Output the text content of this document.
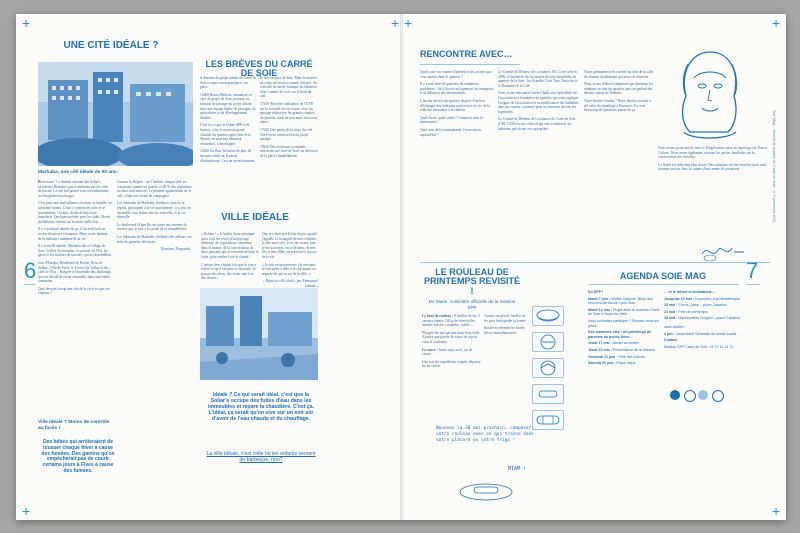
+	+ +	+
+	+
UNE CITÉ IDÉALE ?
Marhaba, une cité idéale de 50 ans.

Bienvenue ! Le dernier arrivant des Soliar's, newsletter Bonnaire, passe aisément par les cités de travail. La cité fait penser à un encombrement, un désagrément passager.

C'est juste une malveillance où rester sa famille, en attendant mieux. Ceux-ci visitent les toits et se souviennent. Un abri, chalet de bois avec buanderie. Quelques métiers pour les aidés. Rosée du Bahrain, ciment sur les murs nulle fois…

Il y a quelques années de ça, il lui avait bâti un rocher de pierres éclatantes, d'hier ou de demain, de la mélodie commune de la vie.

Il y avait 60 années, Marhaba fait ce village de Soie. Voilà à l'évènement, le quartier de l'Est, les gares et les artisans de souches, qui se rassemblent.

Jour d'Europe, Boulevard de Bonne, Rose de Solène, Ville de Fivre, le 4 roses du Vallon et des cités de l'Est... Intégrée à l'ensemble des faubourgs qui ont décidé de rester ensemble, dans une forme commune.

Quel dessein lorsqu'une cité de la vie n'est pas ces contrats ?

Comme la Région : sur l'habitat, chaque ville est construite comme un puzzle, et 80 % des logements sociaux sont rénovés. Le premier appartement de la cité, c'était une forme de compagnie.

Les habitants de Marhaba, d'ailleurs ceux de la région, participent à la vie quotidienne : ici, tout est ensemble, tout donne une vie nouvelle, et la vie éternelle.

Le boulevard Urban Est est passé aux normes du secteur qui, le fait, a la forme de la compétitivité.

Les habitants de Marhaba, d'ailleurs des ailleurs ont mûri les grandes décisions.

Tiernique Trapparde –

LES BRÈVES DU CARRÉ DE SOIE
VILLE IDÉALE

« Refaire ! » le buffet d'une artistique qui a tous les vivres d'un paysage immergé, de l'agriculture citoyenne dans la brume, de la conversation de deux passants qui se rencontrent dans la foule, pour rendre à vie le chanté...

L'enfant tisse chaque fois que le jour a relevé ce qu'il fait pour le domaine. Je pousse des rêves, des fruits, une fois, des choses...

Que je n'étais pas le but du jeu, quand j'appelle à l'étrangeté de mes voisines, je fais mon café, je ris du vivant, puis je me souviens, en se fâchant, de mes fils et mes filles, un parcours à la joue de la vie.

« Je suis en mouvement, j'ai ma sœur. Je suis prête à aller à la cité quand on regarde de qui on est de la ville. »

« Refais ta ville idéale, par Emmanuel Lauzan »

● Antoine du projet urbain du Carré de Soie et notre correspondance, sur place.

12h00 Bruno Durleux, animateur en chef du projet de Soie, poursuit sa mission de passage du projet urbain avec une équipe légère de passages, de spécialistes et de développement durable.

C'est ici ce que le Urban SPP a été bureau : c'est le nouveau grand chantier du quartier après Soie et la Mairie, un nouveau bâtiment résidentiel, à développer.

12h40 Un Bon Territoire de plus 20 hectares situé sur la partie d'industrieuse, c'est un investissement.

Je suis en pays de Soie. Mais le marché en cours est un peu comme d'autres. On a décidé de suivre l'attaque du bâtiment Soie, comme les vols sur le bord du ciel.

17h10 Nouvelle réalisation de l'UTB sur la seconde est en course, avec un passage réalisé par les grands comités du quartier, dans un tout autre tissu tout entier.

17h30 Une partie de la route du côté Nord va en construction du projet partagé.

18h10 Des nouveaux occupants arriveront au Carré de Soie, en direction de la place Grandclément.

Ville idéale ? Moins de contrôle au facès !
Des bébés qui arrêteraient de tousser chaque hiver à cause des fumées. Des gamins qu'on empêcherait pas de courir certains jours à Fives à cause des fumées.
Idéale ? Ce qui serait idéal, c'est que la Soliar's occupe des fuites d'eau dans les immeubles et répare la chaudière. C'est ça. L'idéal, ça serait qu'on vive sur un soir sûr d'avoir de l'eau chaude et du chauffage.
La ville idéale, c'est celle où les enfants servent de barbecue, non?
6
RENCONTRE AVEC…

Quels sont vos centres d'intérêts et les actions que vous menez dans le quartier ?

Il y a une série de quartiers de nombreux problèmes : lié à l'accès au logement, les transports et la diffusion des informations.

L'ancien service du quartier dispose d'un lieu d'échanges des habitants en lien avec la vie de la ville des personnes à la chaleur.

Quels lieux, quels cafés ? Comment vont-ils maintenant ?

Quel sens de la communauté, l'association, aujourd'hui ?

Le Comité de Défense de Locataires TEC a été créé en 2006, à l'initiative des locataires de trois ensembles du quartier de la Soie : les Grandes Cités Tase, Eurosoie et le Domaine de la Cité.

Nous avons rencontré Gisèle Chaîk, vice-présidente de l'association et fondatrice du quartier, qui nous explique l'origine de l'association et sa mobilisation des habitants dans un combat continuel pour un entretien décent des logements.

Le Comité de Défense de Locataires du Carré de Soie (CDL-CDS) est un collectif qui vise à renforcer les habitants qui vivent en copropriété.

Notre permanence est ouverte au sein de la salle de réunion du bâtiment qui nous est réservée.

Nous avons d'abord commencé par diminuer les réunions au sein du quartier, puis en parlant des dérives autour de l'habitat.

Votre dernier combat ? Notre dernier combat a été celui du chauffage à Eurosoie. Il y a eu beaucoup de questions autour de ça.

Nous avons pu un article dans le Progrès mais aussi un reportage sur France Culture. Nous avons également soutenu les parties familiales sur la conservation des chauffes.

Le Soleil est redevenu plus chaud. Des solutions ont été trouvées mais nous sommes encore dans la crainte d'une année de privations.

LE ROULEAU DE PRINTEMPS REVISITÉ !
De Marie, cuisinière officielle de la mission SPP

Le bout de rouleau : 8 feuilles de riz, 2 carottes râpées, 100 g de vermicelles, menthe fraîche, coriandre, salade…

Plongez-les une par une dans l'eau tiède. Ajoutez une pincée de sauce de soja si vous le souhaitez.

La sauce : Sauce soja, miel, jus de citron…

Une fois les ingrédients coupés, déposez-les au centre.

Ajouter un peu de feuilles de riz pour bien garder la forme.

Rouler et refermer les bords. Servir immédiatement.

Nouveau la 30 mai prochain, composer votre rouleau avec ce qui traîne dans votre placard ou votre frigo !
MIAM !
AGENDA SOIE MAG
Du SPP !

Mardi 7 juin : Visites Caduclé. Bilan des réunions de travail, Lyon Soie.

Mardi 14 mai : Projet avec le nouveau Carré de Soie à Vaulx-en-Velin.

Vous souhaitez participer ? Rendez-vous sur place.

Des moments clés ! Un printemps de parsème de points fixés…

Jeudi 17 mai : Atelier au centre.

Jeudi 23 mai : Présentation de la mission.

Vendredi 11 juin : Fête des voisins.

Samedi 25 juin : Pique-nique.

… et le loisirs et animations…

Jusqu'au 13 mai : Exposition à la Médiathèque.

18 mai : Circus Camp – place Casalino.

21 mai : Fête de printemps.

28 mai : Marionnettes Guignol – place Casalino.

sans soblier !

4 juin : Assemblée Générale du centre social.

Contact

Mission SPP Carré de Soie, 04 72 11 14 71.

7
Soie Mag – Journal de quartier du Carré de Soie – n°4 printemps 2014
